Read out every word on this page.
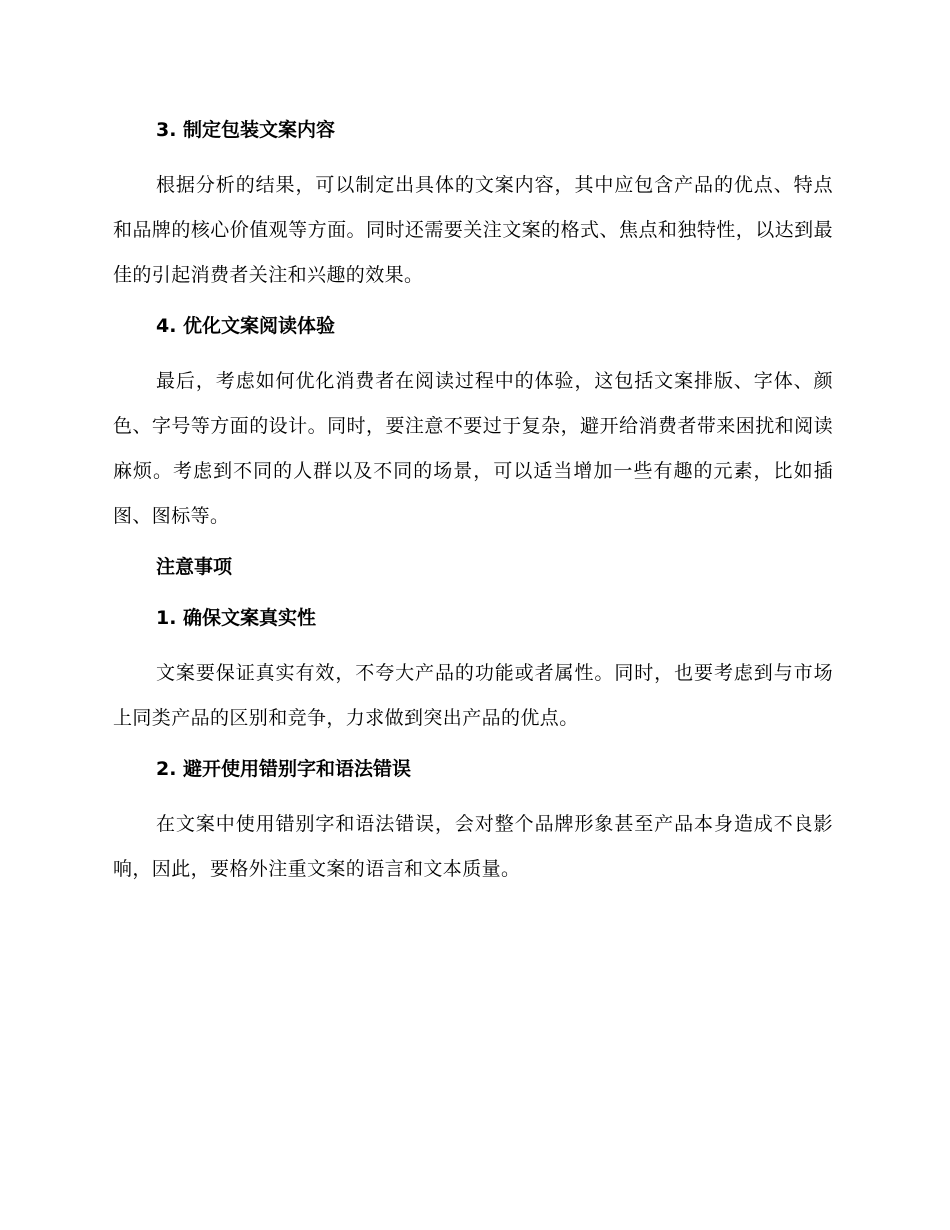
3. 制定包装文案内容

根据分析的结果，可以制定出具体的文案内容，其中应包含产品的优点、特点和品牌的核心价值观等方面。同时还需要关注文案的格式、焦点和独特性，以达到最佳的引起消费者关注和兴趣的效果。

4. 优化文案阅读体验

最后，考虑如何优化消费者在阅读过程中的体验，这包括文案排版、字体、颜色、字号等方面的设计。同时，要注意不要过于复杂，避开给消费者带来困扰和阅读麻烦。考虑到不同的人群以及不同的场景，可以适当增加一些有趣的元素，比如插图、图标等。

注意事项
1. 确保文案真实性

文案要保证真实有效，不夸大产品的功能或者属性。同时，也要考虑到与市场上同类产品的区别和竞争，力求做到突出产品的优点。

2. 避开使用错别字和语法错误

在文案中使用错别字和语法错误，会对整个品牌形象甚至产品本身造成不良影响，因此，要格外注重文案的语言和文本质量。
